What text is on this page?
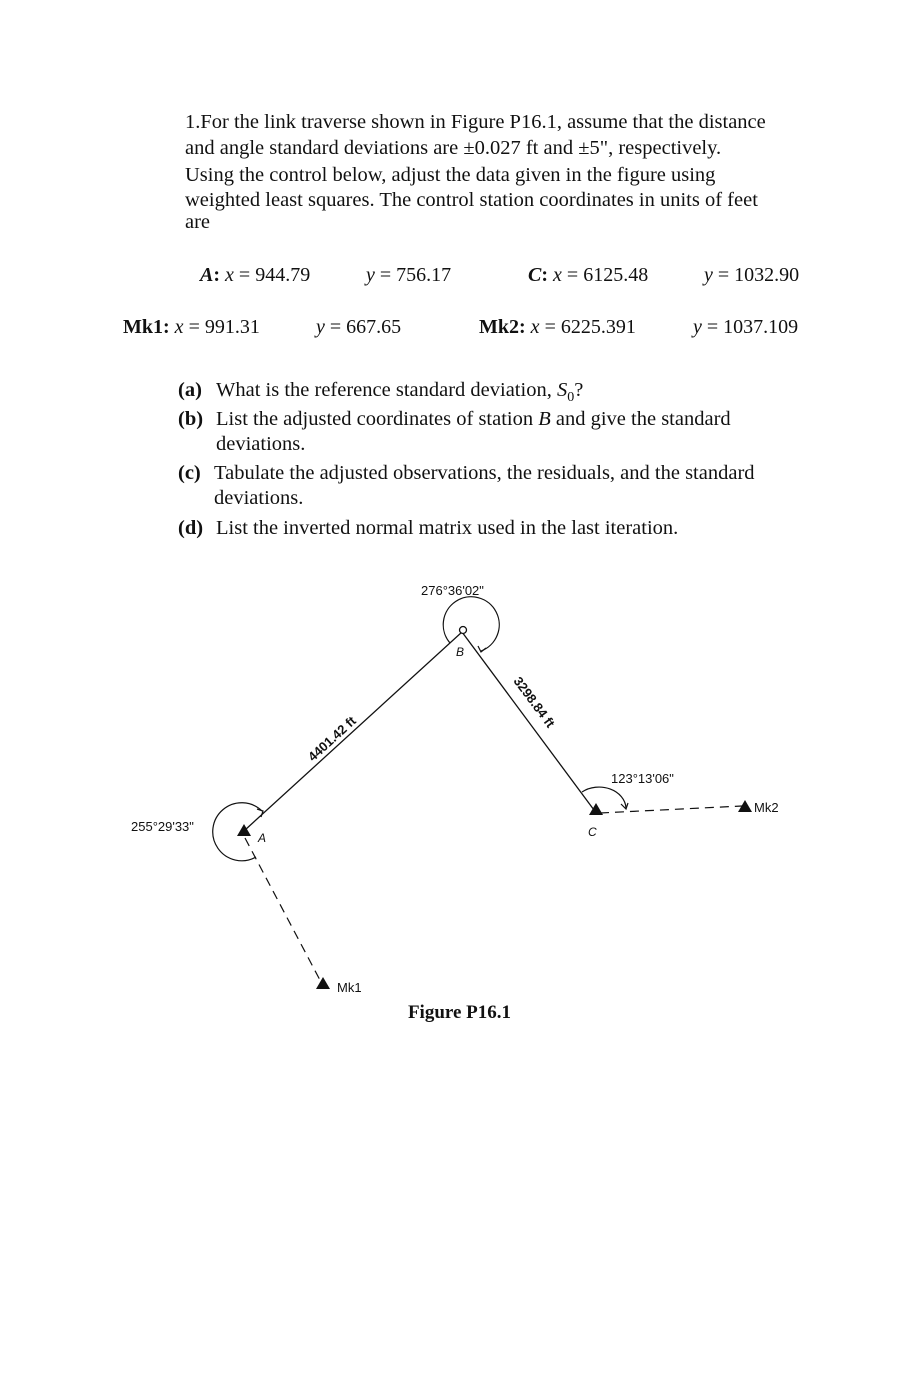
1.For the link traverse shown in Figure P16.1, assume that the distance

and angle standard deviations are ±0.027 ft and ±5", respectively.

Using the control below, adjust the data given in the figure using

weighted least squares. The control station coordinates in units of feet

are

A: x = 944.79	y = 756.17	C: x = 6125.48	y = 1032.90
Mk1: x = 991.31	y = 667.65	Mk2: x = 6225.391	y = 1037.109
(a) What is the reference standard deviation, $S_0$?
(b) List the adjusted coordinates of station B and give the standard
deviations.
(c) Tabulate the adjusted observations, the residuals, and the standard
deviations.
(d) List the inverted normal matrix used in the last iteration.
276°36'02"
B
255°29'33"
A
123°13'06"
C
Mk1
Mk2
4401.42 ft
3298.84 ft
Figure P16.1
